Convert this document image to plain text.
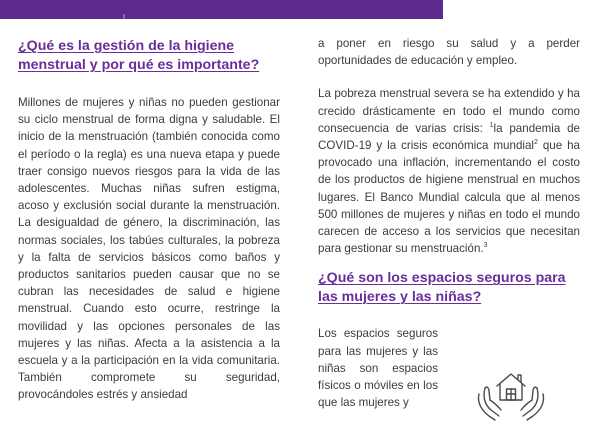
¿Qué es la gestión de la higiene menstrual y por qué es importante?

Millones de mujeres y niñas no pueden gestionar su ciclo menstrual de forma digna y saludable. El inicio de la menstruación (también conocida como el período o la regla) es una nueva etapa y puede traer consigo nuevos riesgos para la vida de las adolescentes. Muchas niñas sufren estigma, acoso y exclusión social durante la menstruación. La desigualdad de género, la discriminación, las normas sociales, los tabúes culturales, la pobreza y la falta de servicios básicos como baños y productos sanitarios pueden causar que no se cubran las necesidades de salud e higiene menstrual. Cuando esto ocurre, restringe la movilidad y las opciones personales de las mujeres y las niñas. Afecta a la asistencia a la escuela y a la participación en la vida comunitaria. También compromete su seguridad, provocándoles estrés y ansiedad

a poner en riesgo su salud y a perder oportunidades de educación y empleo.

La pobreza menstrual severa se ha extendido y ha crecido drásticamente en todo el mundo como consecuencia de varias crisis: $^1$la pandemia de COVID-19 y la crisis económica mundial$^2$ que ha provocado una inflación, incrementando el costo de los productos de higiene menstrual en muchos lugares. El Banco Mundial calcula que al menos 500 millones de mujeres y niñas en todo el mundo carecen de acceso a los servicios que necesitan para gestionar su menstruación.$^3$

¿Qué son los espacios seguros para las mujeres y las niñas?

Los espacios seguros para las mujeres y las niñas son espacios físicos o móviles en los que las mujeres y
